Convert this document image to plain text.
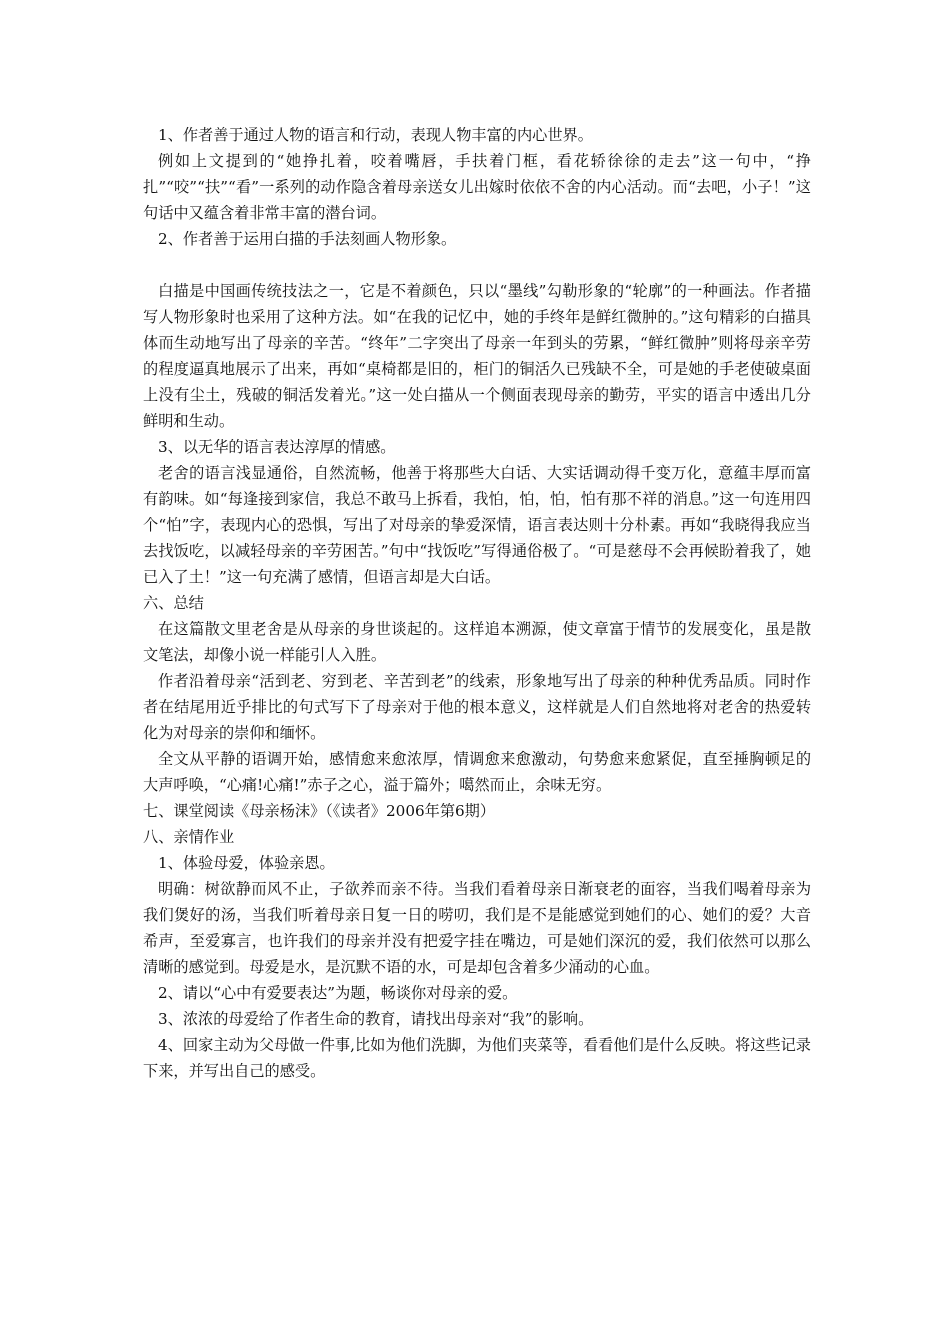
1、作者善于通过人物的语言和行动，表现人物丰富的内心世界。

例如上文提到的“她挣扎着，咬着嘴唇，手扶着门框，看花轿徐徐的走去”这一句中，“挣扎”“咬”“扶”“看”一系列的动作隐含着母亲送女儿出嫁时依依不舍的内心活动。而“去吧，小子！”这句话中又蕴含着非常丰富的潜台词。

2、作者善于运用白描的手法刻画人物形象。

白描是中国画传统技法之一，它是不着颜色，只以“墨线”勾勒形象的“轮廓”的一种画法。作者描写人物形象时也采用了这种方法。如“在我的记忆中，她的手终年是鲜红微肿的。”这句精彩的白描具体而生动地写出了母亲的辛苦。“终年”二字突出了母亲一年到头的劳累，“鲜红微肿”则将母亲辛劳的程度逼真地展示了出来，再如“桌椅都是旧的，柜门的铜活久已残缺不全，可是她的手老使破桌面上没有尘土，残破的铜活发着光。”这一处白描从一个侧面表现母亲的勤劳，平实的语言中透出几分鲜明和生动。

3、以无华的语言表达淳厚的情感。

老舍的语言浅显通俗，自然流畅，他善于将那些大白话、大实话调动得千变万化，意蕴丰厚而富有韵味。如“每逢接到家信，我总不敢马上拆看，我怕，怕，怕，怕有那不祥的消息。”这一句连用四个“怕”字，表现内心的恐惧，写出了对母亲的挚爱深情，语言表达则十分朴素。再如“我晓得我应当去找饭吃，以减轻母亲的辛劳困苦。”句中“找饭吃”写得通俗极了。“可是慈母不会再候盼着我了，她已入了土！”这一句充满了感情，但语言却是大白话。

六、总结

在这篇散文里老舍是从母亲的身世谈起的。这样追本溯源，使文章富于情节的发展变化，虽是散文笔法，却像小说一样能引人入胜。

作者沿着母亲“活到老、穷到老、辛苦到老”的线索，形象地写出了母亲的种种优秀品质。同时作者在结尾用近乎排比的句式写下了母亲对于他的根本意义，这样就是人们自然地将对老舍的热爱转化为对母亲的崇仰和缅怀。

全文从平静的语调开始，感情愈来愈浓厚，情调愈来愈激动，句势愈来愈紧促，直至捶胸顿足的大声呼唤，“心痛!心痛!”赤子之心，溢于篇外；噶然而止，余味无穷。

七、课堂阅读《母亲杨沫》（《读者》2006年第6期）

八、亲情作业

1、体验母爱，体验亲恩。

明确：树欲静而风不止，子欲养而亲不待。当我们看着母亲日渐衰老的面容，当我们喝着母亲为我们煲好的汤，当我们听着母亲日复一日的唠叨，我们是不是能感觉到她们的心、她们的爱？大音希声，至爱寡言，也许我们的母亲并没有把爱字挂在嘴边，可是她们深沉的爱，我们依然可以那么清晰的感觉到。母爱是水，是沉默不语的水，可是却包含着多少涌动的心血。

2、请以“心中有爱要表达”为题，畅谈你对母亲的爱。

3、浓浓的母爱给了作者生命的教育，请找出母亲对“我”的影响。

4、回家主动为父母做一件事,比如为他们洗脚，为他们夹菜等，看看他们是什么反映。将这些记录下来，并写出自己的感受。
